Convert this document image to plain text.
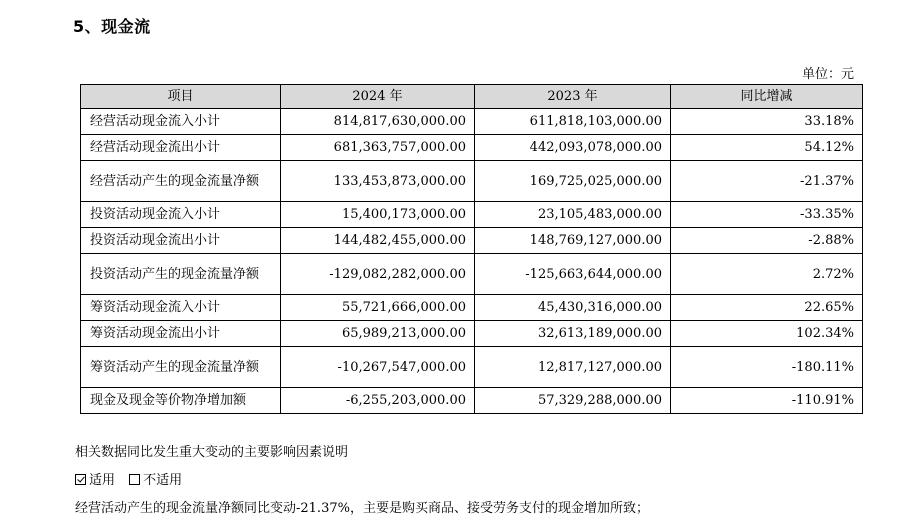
5、现金流
单位：元
项目	2024 年	2023 年	同比增减
经营活动现金流入小计	814,817,630,000.00	611,818,103,000.00	33.18%
经营活动现金流出小计	681,363,757,000.00	442,093,078,000.00	54.12%
经营活动产生的现金流量净额	133,453,873,000.00	169,725,025,000.00	-21.37%
投资活动现金流入小计	15,400,173,000.00	23,105,483,000.00	-33.35%
投资活动现金流出小计	144,482,455,000.00	148,769,127,000.00	-2.88%
投资活动产生的现金流量净额	-129,082,282,000.00	-125,663,644,000.00	2.72%
筹资活动现金流入小计	55,721,666,000.00	45,430,316,000.00	22.65%
筹资活动现金流出小计	65,989,213,000.00	32,613,189,000.00	102.34%
筹资活动产生的现金流量净额	-10,267,547,000.00	12,817,127,000.00	-180.11%
现金及现金等价物净增加额	-6,255,203,000.00	57,329,288,000.00	-110.91%
相关数据同比发生重大变动的主要影响因素说明
适用 不适用
经营活动产生的现金流量净额同比变动-21.37%，主要是购买商品、接受劳务支付的现金增加所致；
